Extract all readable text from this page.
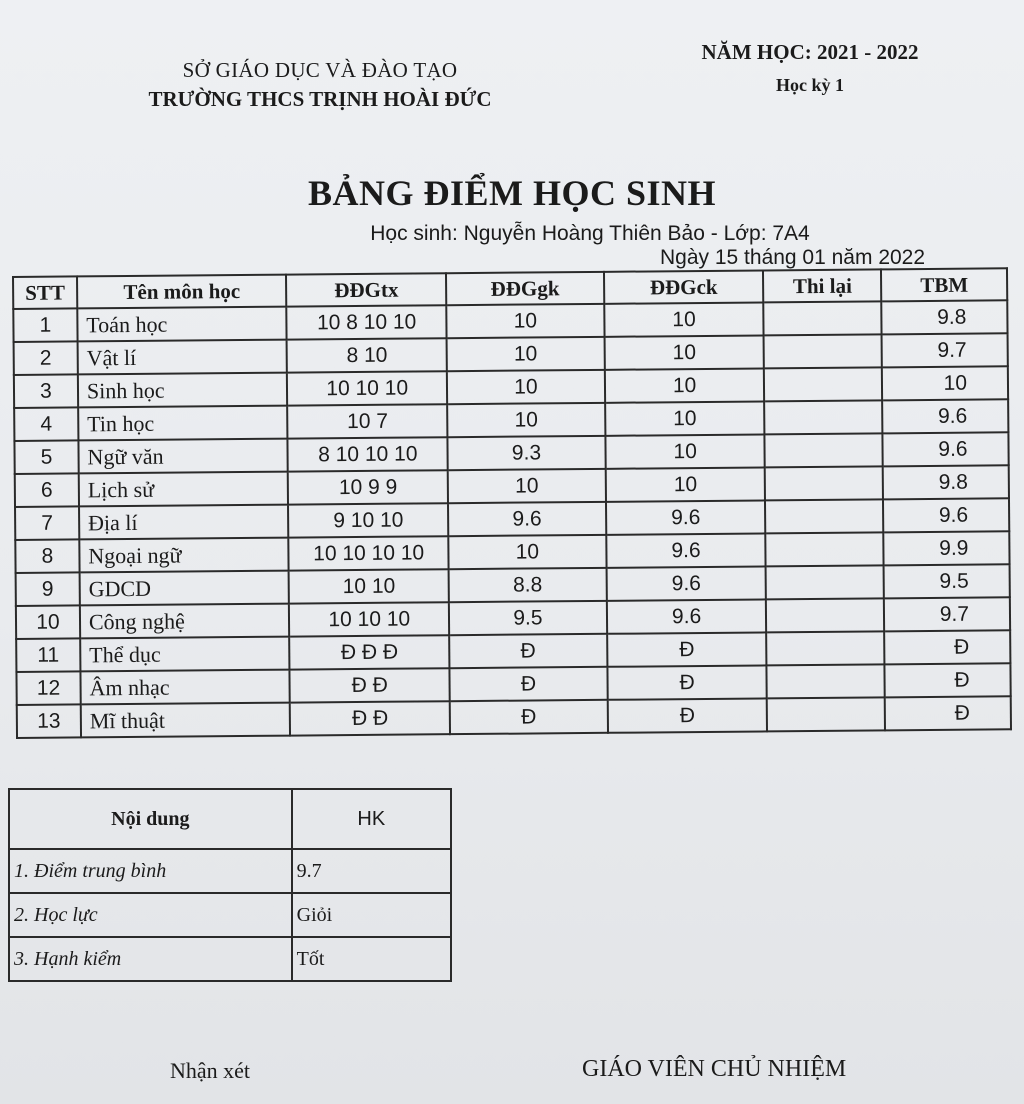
SỞ GIÁO DỤC VÀ ĐÀO TẠO
TRƯỜNG THCS TRỊNH HOÀI ĐỨC
NĂM HỌC: 2021 - 2022
Học kỳ 1
BẢNG ĐIỂM HỌC SINH
Học sinh: Nguyễn Hoàng Thiên Bảo - Lớp: 7A4
Ngày 15 tháng 01 năm 2022
STT	Tên môn học	ĐĐGtx	ĐĐGgk	ĐĐGck	Thi lại	TBM
1	Toán học	10 8 10 10	10	10		9.8
2	Vật lí	8 10	10	10		9.7
3	Sinh học	10 10 10	10	10		10
4	Tin học	10 7	10	10		9.6
5	Ngữ văn	8 10 10 10	9.3	10		9.6
6	Lịch sử	10 9 9	10	10		9.8
7	Địa lí	9 10 10	9.6	9.6		9.6
8	Ngoại ngữ	10 10 10 10	10	9.6		9.9
9	GDCD	10 10	8.8	9.6		9.5
10	Công nghệ	10 10 10	9.5	9.6		9.7
11	Thể dục	Đ Đ Đ	Đ	Đ		Đ
12	Âm nhạc	Đ Đ	Đ	Đ		Đ
13	Mĩ thuật	Đ Đ	Đ	Đ		Đ
Nội dung	HK
1. Điểm trung bình	9.7
2. Học lực	Giỏi
3. Hạnh kiểm	Tốt
Nhận xét	GIÁO VIÊN CHỦ NHIỆM
